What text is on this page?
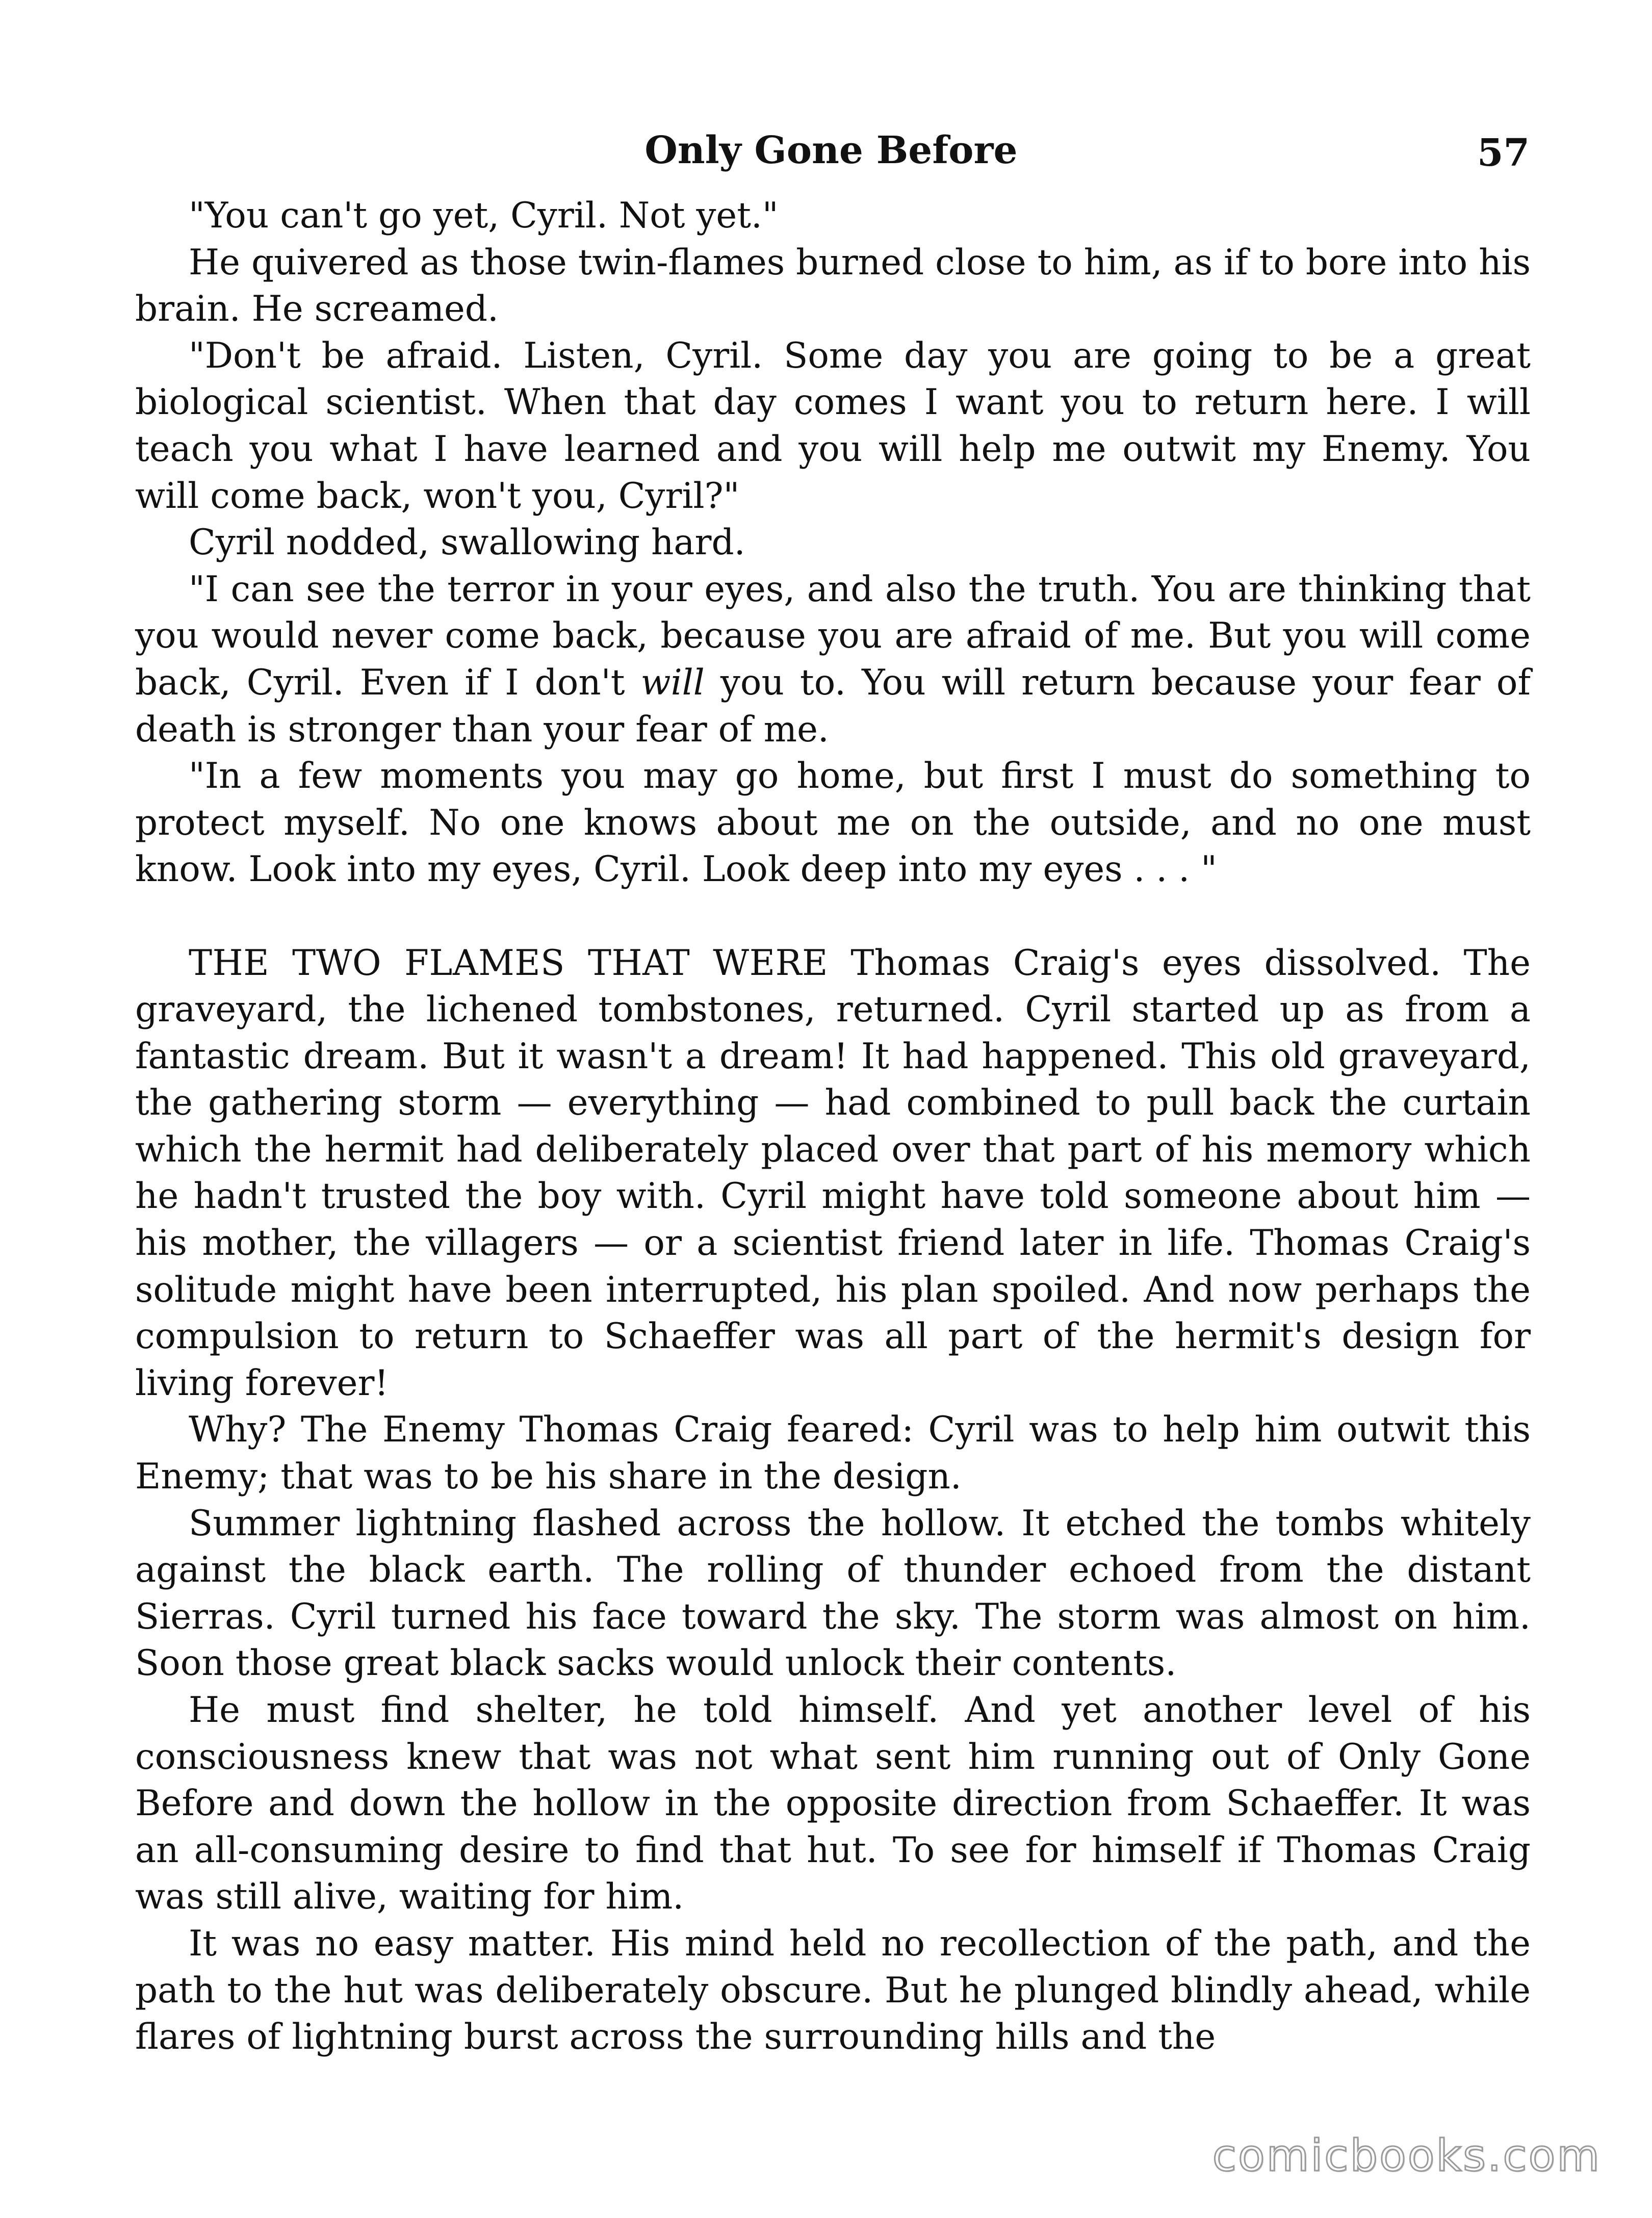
Only Gone Before	57

"You can't go yet, Cyril. Not yet."

He quivered as those twin-flames burned close to him, as if to bore into his brain. He screamed.

"Don't be afraid. Listen, Cyril. Some day you are going to be a great biological scientist. When that day comes I want you to return here. I will teach you what I have learned and you will help me outwit my Enemy. You will come back, won't you, Cyril?"

Cyril nodded, swallowing hard.

"I can see the terror in your eyes, and also the truth. You are thinking that you would never come back, because you are afraid of me. But you will come back, Cyril. Even if I don't will you to. You will return because your fear of death is stronger than your fear of me.

"In a few moments you may go home, but first I must do something to protect myself. No one knows about me on the outside, and no one must know. Look into my eyes, Cyril. Look deep into my eyes . . . "

THE TWO FLAMES THAT WERE Thomas Craig's eyes dissolved. The graveyard, the lichened tombstones, returned. Cyril started up as from a fantastic dream. But it wasn't a dream! It had happened. This old graveyard, the gathering storm — everything — had combined to pull back the curtain which the hermit had deliberately placed over that part of his memory which he hadn't trusted the boy with. Cyril might have told someone about him — his mother, the villagers — or a scientist friend later in life. Thomas Craig's solitude might have been interrupted, his plan spoiled. And now perhaps the compulsion to return to Schaeffer was all part of the hermit's design for living forever!

Why? The Enemy Thomas Craig feared: Cyril was to help him outwit this Enemy; that was to be his share in the design.

Summer lightning flashed across the hollow. It etched the tombs whitely against the black earth. The rolling of thunder echoed from the distant Sierras. Cyril turned his face toward the sky. The storm was almost on him. Soon those great black sacks would unlock their contents.

He must find shelter, he told himself. And yet another level of his consciousness knew that was not what sent him running out of Only Gone Before and down the hollow in the opposite direction from Schaeffer. It was an all-consuming desire to find that hut. To see for himself if Thomas Craig was still alive, waiting for him.

It was no easy matter. His mind held no recollection of the path, and the path to the hut was deliberately obscure. But he plunged blindly ahead, while flares of lightning burst across the surrounding hills and the

comicbooks.com
